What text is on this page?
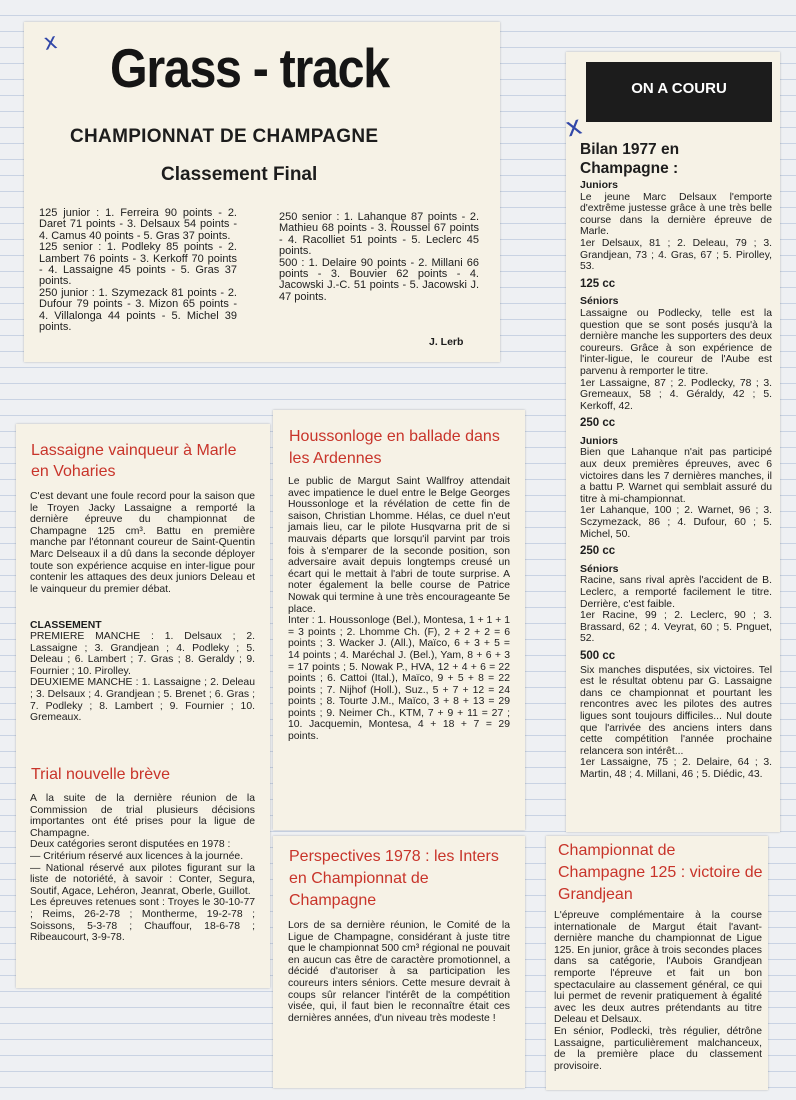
Grass - track
CHAMPIONNAT DE CHAMPAGNE
Classement Final
125 junior : 1. Ferreira 90 points - 2. Daret 71 points - 3. Delsaux 54 points - 4. Camus 40 points - 5. Gras 37 points.
125 senior : 1. Podleky 85 points - 2. Lambert 76 points - 3. Kerkoff 70 points - 4. Lassaigne 45 points - 5. Gras 37 points.
250 junior : 1. Szymezack 81 points - 2. Dufour 79 points - 3. Mizon 65 points - 4. Villalonga 44 points - 5. Michel 39 points.
250 senior : 1. Lahanque 87 points - 2. Mathieu 68 points - 3. Roussel 67 points - 4. Racolliet 51 points - 5. Leclerc 45 points.
500 : 1. Delaire 90 points - 2. Millani 66 points - 3. Bouvier 62 points - 4. Jacowski J.-C. 51 points - 5. Jacowski J. 47 points.
J. Lerb
Lassaigne vainqueur à Marle en Voharies
C'est devant une foule record pour la saison que le Troyen Jacky Lassaigne a remporté la dernière épreuve du championnat de Champagne 125 cm³. Battu en première manche par l'étonnant coureur de Saint-Quentin Marc Delseaux il a dû dans la seconde déployer toute son expérience acquise en inter-ligue pour contenir les attaques des deux juniors Deleau et le vainqueur du premier débat.
CLASSEMENT
PREMIERE MANCHE : 1. Delsaux ; 2. Lassaigne ; 3. Grandjean ; 4. Podleky ; 5. Deleau ; 6. Lambert ; 7. Gras ; 8. Geraldy ; 9. Fournier ; 10. Pirolley.
DEUXIEME MANCHE : 1. Lassaigne ; 2. Deleau ; 3. Delsaux ; 4. Grandjean ; 5. Brenet ; 6. Gras ; 7. Podleky ; 8. Lambert ; 9. Fournier ; 10. Gremeaux.
Trial nouvelle brève
A la suite de la dernière réunion de la Commission de trial plusieurs décisions importantes ont été prises pour la ligue de Champagne.
Deux catégories seront disputées en 1978 :
— Critérium réservé aux licences à la journée.
— National réservé aux pilotes figurant sur la liste de notoriété, à savoir : Conter, Segura, Soutif, Agace, Lehéron, Jeanrat, Oberle, Guillot.
Les épreuves retenues sont : Troyes le 30-10-77 ; Reims, 26-2-78 ; Montherme, 19-2-78 ; Soissons, 5-3-78 ; Chauffour, 18-6-78 ; Ribeaucourt, 3-9-78.
Houssonloge en ballade dans les Ardennes
Le public de Margut Saint Wallfroy attendait avec impatience le duel entre le Belge Georges Houssonloge et la révélation de cette fin de saison, Christian Lhomme. Hélas, ce duel n'eut jamais lieu, car le pilote Husqvarna prit de si mauvais départs que lorsqu'il parvint par trois fois à s'emparer de la seconde position, son adversaire avait depuis longtemps creusé un écart qui le mettait à l'abri de toute surprise. A noter également la belle course de Patrice Nowak qui termine à une très encourageante 5e place.
Inter : 1. Houssonloge (Bel.), Montesa, 1 + 1 + 1 = 3 points ; 2. Lhomme Ch. (F), 2 + 2 + 2 = 6 points ; 3. Wacker J. (All.), Maïco, 6 + 3 + 5 = 14 points ; 4. Maréchal J. (Bel.), Yam, 8 + 6 + 3 = 17 points ; 5. Nowak P., HVA, 12 + 4 + 6 = 22 points ; 6. Cattoi (Ital.), Maïco, 9 + 5 + 8 = 22 points ; 7. Nijhof (Holl.), Suz., 5 + 7 + 12 = 24 points ; 8. Tourte J.M., Maïco, 3 + 8 + 13 = 29 points ; 9. Neimer Ch., KTM, 7 + 9 + 11 = 27 ; 10. Jacquemin, Montesa, 4 + 18 + 7 = 29 points.
Perspectives 1978 : les Inters en Championnat de Champagne
Lors de sa dernière réunion, le Comité de la Ligue de Champagne, considérant à juste titre que le championnat 500 cm³ régional ne pouvait en aucun cas être de caractère promotionnel, a décidé d'autoriser à sa participation les coureurs inters séniors. Cette mesure devrait à coups sûr relancer l'intérêt de la compétition visée, qui, il faut bien le reconnaître était ces dernières années, d'un niveau très modeste !
ON A COURU
Bilan 1977 en Champagne :

Juniors

Le jeune Marc Delsaux l'emporte d'extrême justesse grâce à une très belle course dans la dernière épreuve de Marle.
1er Delsaux, 81 ; 2. Deleau, 79 ; 3. Grandjean, 73 ; 4. Gras, 67 ; 5. Pirolley, 53.

125 cc

Séniors

Lassaigne ou Podlecky, telle est la question que se sont posés jusqu'à la dernière manche les supporters des deux coureurs. Grâce à son expérience de l'inter-ligue, le coureur de l'Aube est parvenu à remporter le titre.
1er Lassaigne, 87 ; 2. Podlecky, 78 ; 3. Gremeaux, 58 ; 4. Géraldy, 42 ; 5. Kerkoff, 42.

250 cc

Juniors

Bien que Lahanque n'ait pas participé aux deux premières épreuves, avec 6 victoires dans les 7 dernières manches, il a battu P. Warnet qui semblait assuré du titre à mi-championnat.
1er Lahanque, 100 ; 2. Warnet, 96 ; 3. Sczymezack, 86 ; 4. Dufour, 60 ; 5. Michel, 50.

250 cc

Séniors

Racine, sans rival après l'accident de B. Leclerc, a remporté facilement le titre. Derrière, c'est faible.
1er Racine, 99 ; 2. Leclerc, 90 ; 3. Brassard, 62 ; 4. Veyrat, 60 ; 5. Pnguet, 52.

500 cc

Six manches disputées, six victoires. Tel est le résultat obtenu par G. Lassaigne dans ce championnat et pourtant les rencontres avec les pilotes des autres ligues sont toujours difficiles... Nul doute que l'arrivée des anciens inters dans cette compétition l'année prochaine relancera son intérêt...
1er Lassaigne, 75 ; 2. Delaire, 64 ; 3. Martin, 48 ; 4. Millani, 46 ; 5. Diédic, 43.

Championnat de Champagne 125 : victoire de Grandjean
L'épreuve complémentaire à la course internationale de Margut était l'avant-dernière manche du championnat de Ligue 125. En junior, grâce à trois secondes places dans sa catégorie, l'Aubois Grandjean remporte l'épreuve et fait un bon spectaculaire au classement général, ce qui lui permet de revenir pratiquement à égalité avec les deux autres prétendants au titre Deleau et Delsaux.
En sénior, Podlecki, très régulier, détrône Lassaigne, particulièrement malchanceux, de la première place du classement provisoire.
x
x
